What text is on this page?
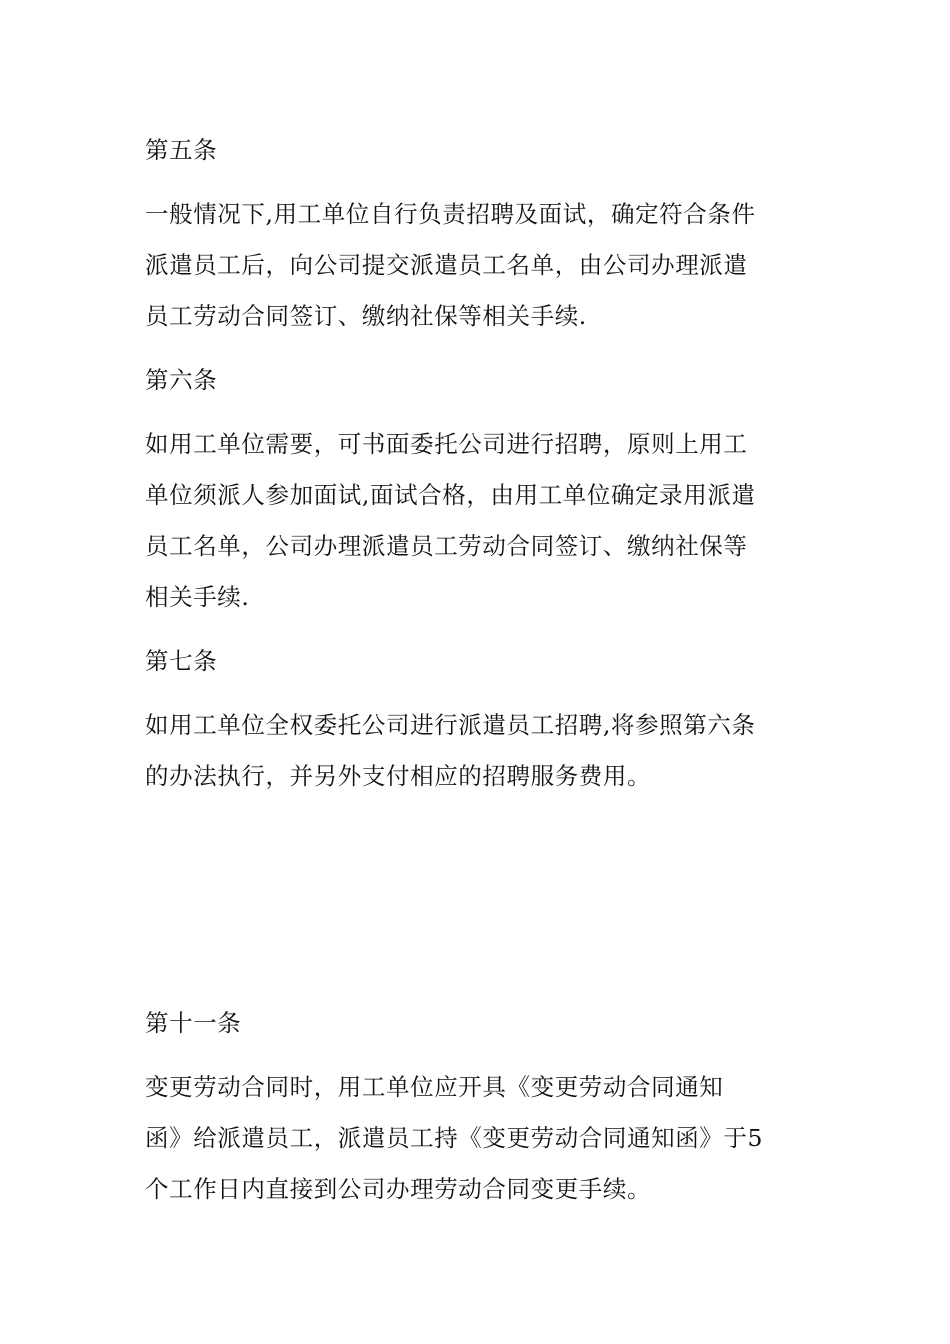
第五条
一般情况下,用工单位自行负责招聘及面试，确定符合条件
派遣员工后，向公司提交派遣员工名单，由公司办理派遣
员工劳动合同签订、缴纳社保等相关手续.
第六条
如用工单位需要，可书面委托公司进行招聘，原则上用工
单位须派人参加面试,面试合格，由用工单位确定录用派遣
员工名单，公司办理派遣员工劳动合同签订、缴纳社保等
相关手续.
第七条
如用工单位全权委托公司进行派遣员工招聘,将参照第六条
的办法执行，并另外支付相应的招聘服务费用。
第十一条
变更劳动合同时，用工单位应开具《变更劳动合同通知
函》给派遣员工，派遣员工持《变更劳动合同通知函》于5
个工作日内直接到公司办理劳动合同变更手续。
